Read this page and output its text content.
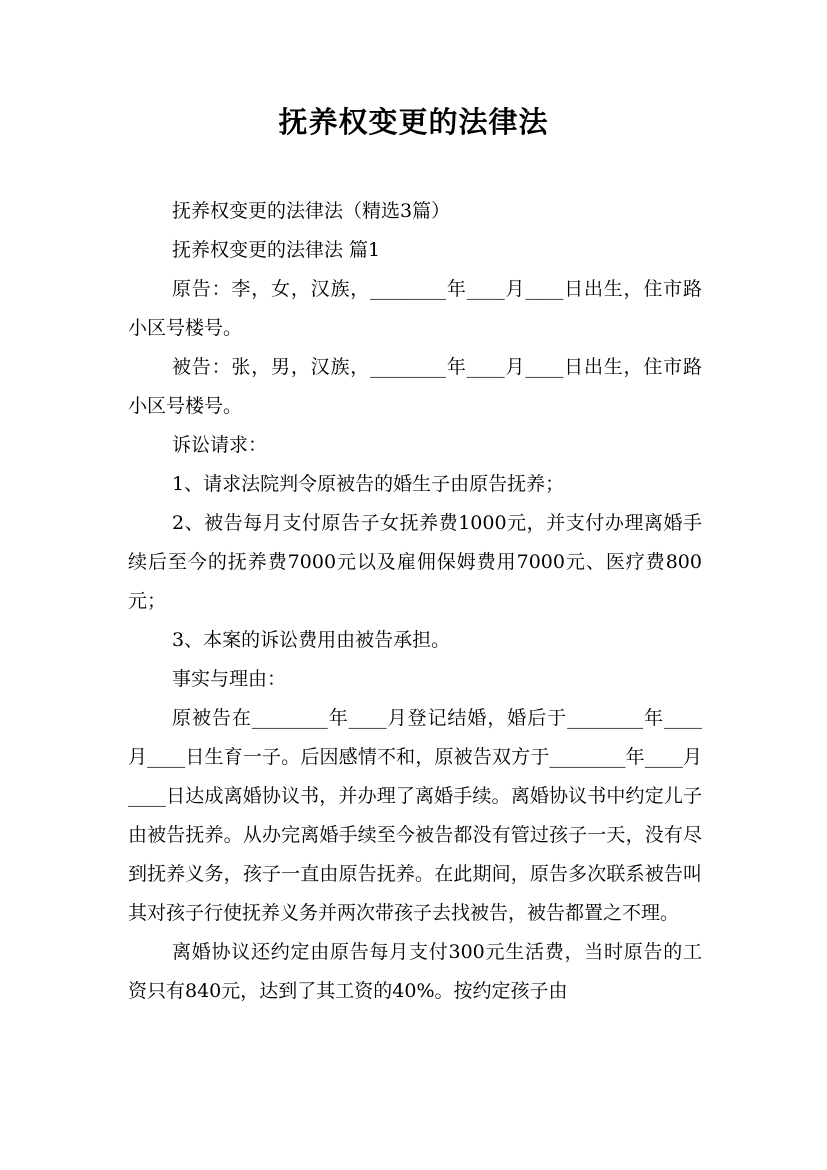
抚养权变更的法律法

抚养权变更的法律法（精选3篇）

抚养权变更的法律法 篇1

原告：李，女，汉族，________年____月____日出生，住市路小区号楼号。

被告：张，男，汉族，________年____月____日出生，住市路小区号楼号。

诉讼请求：

1、请求法院判令原被告的婚生子由原告抚养；

2、被告每月支付原告子女抚养费1000元，并支付办理离婚手续后至今的抚养费7000元以及雇佣保姆费用7000元、医疗费800元；

3、本案的诉讼费用由被告承担。

事实与理由：

原被告在________年____月登记结婚，婚后于________年____月____日生育一子。后因感情不和，原被告双方于________年____月____日达成离婚协议书，并办理了离婚手续。离婚协议书中约定儿子由被告抚养。从办完离婚手续至今被告都没有管过孩子一天，没有尽到抚养义务，孩子一直由原告抚养。在此期间，原告多次联系被告叫其对孩子行使抚养义务并两次带孩子去找被告，被告都置之不理。

离婚协议还约定由原告每月支付300元生活费，当时原告的工资只有840元，达到了其工资的40%。按约定孩子由
